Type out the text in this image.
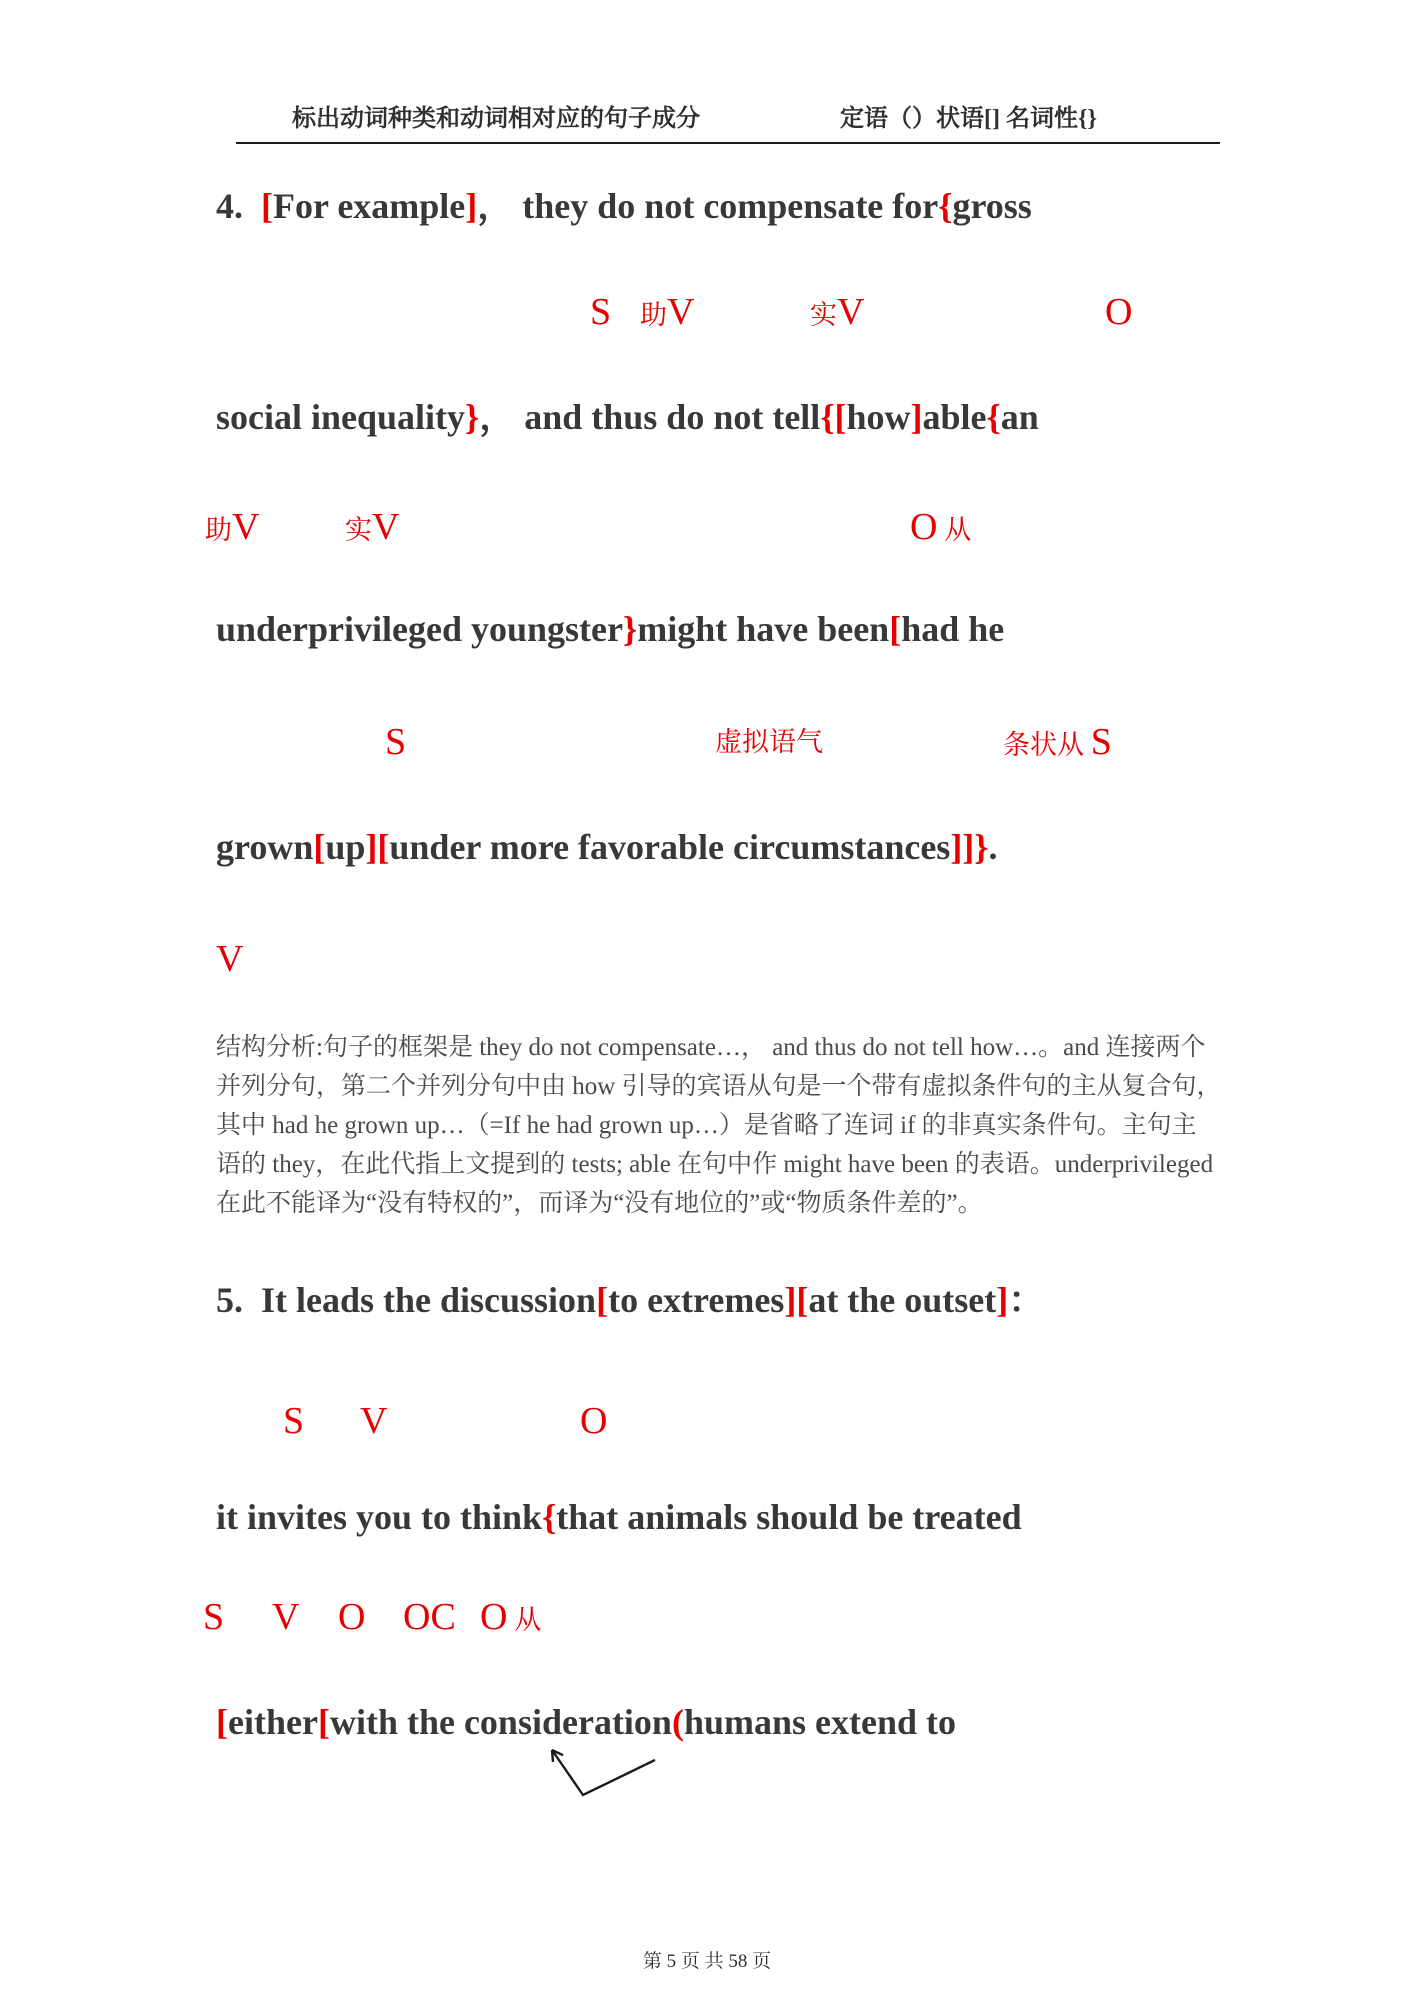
标出动词种类和动词相对应的句子成分	定语（）状语[] 名词性{}
4.  [For example]， they do not compensate for{gross
S 助V	实V	O
social inequality}， and thus do not tell{[how]able{an
助V	实V	O 从
underprivileged youngster}might have been[had he
S	虚拟语气	条状从 S
grown[up][under more favorable circumstances]]}.
V
结构分析:句子的框架是 they do not compensate…， and thus do not tell how…。and 连接两个
并列分句，第二个并列分句中由 how 引导的宾语从句是一个带有虚拟条件句的主从复合句，
其中 had he grown up…（=If he had grown up…）是省略了连词 if 的非真实条件句。主句主
语的 they，在此代指上文提到的 tests; able 在句中作 might have been 的表语。underprivileged
在此不能译为“没有特权的”，而译为“没有地位的”或“物质条件差的”。
5.  It leads the discussion[to extremes][at the outset]：
S V	O
it invites you to think{that animals should be treated
S V O OC O 从
[either[with the consideration(humans extend to
第 5 页 共 58 页
